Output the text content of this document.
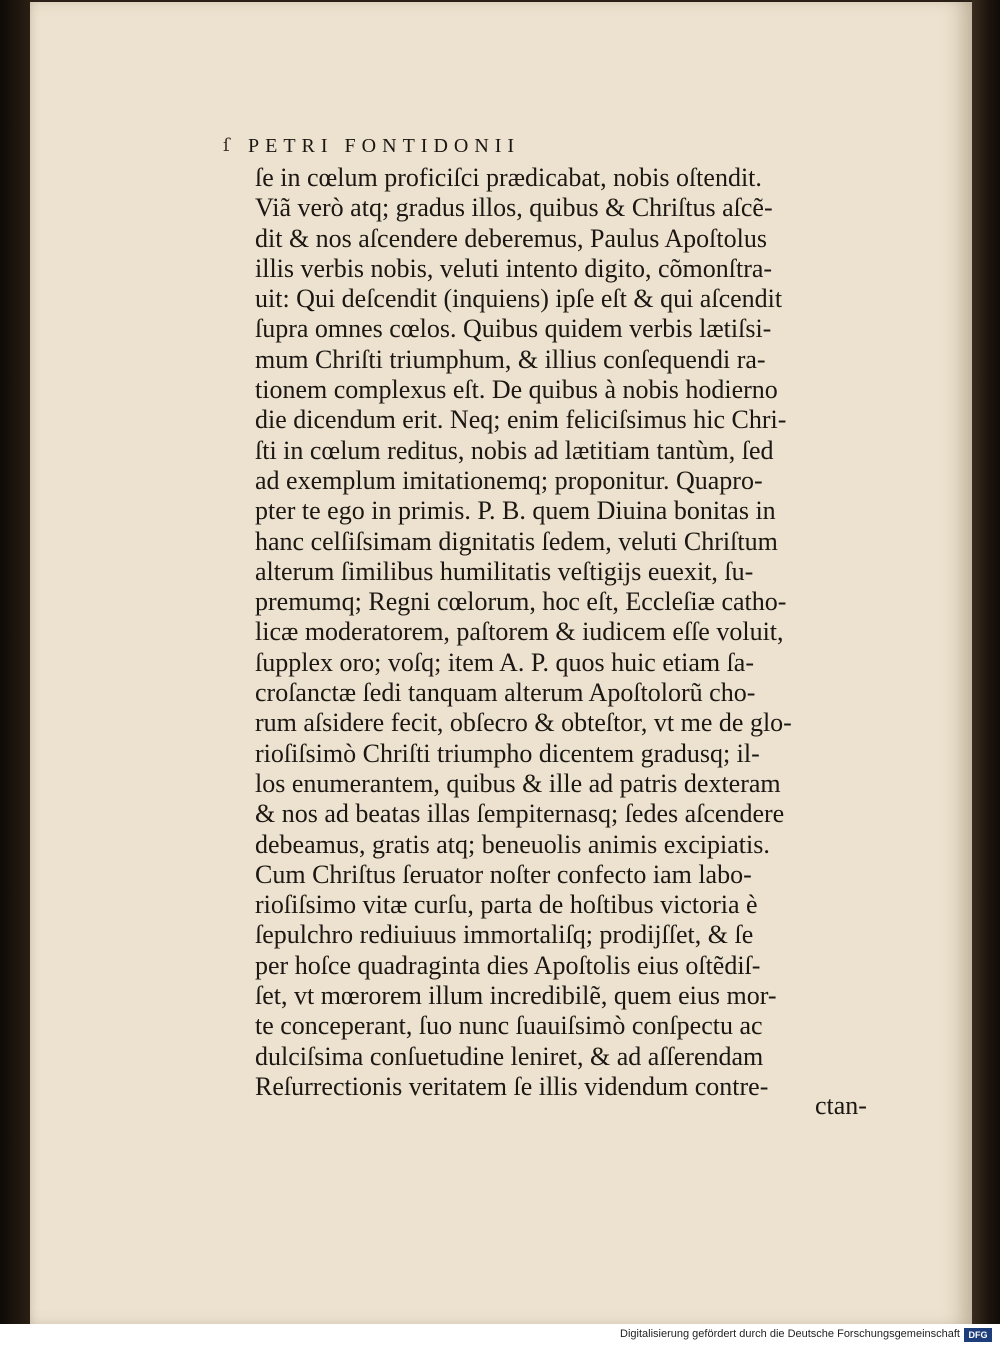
ſ PETRI FONTIDONII
ſe in cœlum proficiſci prædicabat, nobis oſtendit.
Viã verò atq; gradus illos, quibus & Chriſtus aſcẽ-
dit & nos aſcendere deberemus, Paulus Apoſtolus
illis verbis nobis, veluti intento digito, cõmonſtra-
uit: Qui deſcendit (inquiens) ipſe eſt & qui aſcendit
ſupra omnes cœlos. Quibus quidem verbis lætiſsi-
mum Chriſti triumphum, & illius conſequendi ra-
tionem complexus eſt. De quibus à nobis hodierno
die dicendum erit. Neq; enim feliciſsimus hic Chri-
ſti in cœlum reditus, nobis ad lætitiam tantùm, ſed
ad exemplum imitationemq; proponitur. Quapro-
pter te ego in primis. P. B. quem Diuina bonitas in
hanc celſiſsimam dignitatis ſedem, veluti Chriſtum
alterum ſimilibus humilitatis veſtigijs euexit, ſu-
premumq; Regni cœlorum, hoc eſt, Eccleſiæ catho-
licæ moderatorem, paſtorem & iudicem eſſe voluit,
ſupplex oro; voſq; item A. P. quos huic etiam ſa-
croſanctæ ſedi tanquam alterum Apoſtolorũ cho-
rum aſsidere fecit, obſecro & obteſtor, vt me de glo-
rioſiſsimò Chriſti triumpho dicentem gradusq; il-
los enumerantem, quibus & ille ad patris dexteram
& nos ad beatas illas ſempiternasq; ſedes aſcendere
debeamus, gratis atq; beneuolis animis excipiatis.
Cum Chriſtus ſeruator noſter confecto iam labo-
rioſiſsimo vitæ curſu, parta de hoſtibus victoria è
ſepulchro rediuiuus immortaliſq; prodijſſet, & ſe
per hoſce quadraginta dies Apoſtolis eius oſtẽdiſ-
ſet, vt mœrorem illum incredibilẽ, quem eius mor-
te conceperant, ſuo nunc ſuauiſsimò conſpectu ac
dulciſsima conſuetudine leniret, & ad aſſerendam
Reſurrectionis veritatem ſe illis videndum contre-
ctan-
Digitalisierung gefördert durch die Deutsche Forschungsgemeinschaft DFG
